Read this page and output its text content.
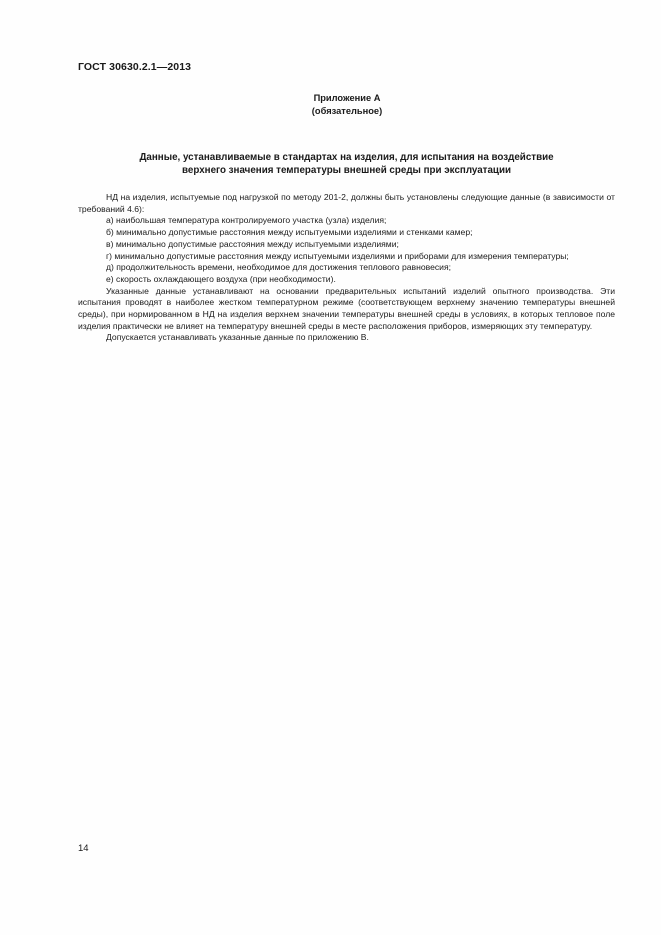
ГОСТ 30630.2.1—2013
Приложение А
(обязательное)
Данные, устанавливаемые в стандартах на изделия, для испытания на воздействие
верхнего значения температуры внешней среды при эксплуатации

НД на изделия, испытуемые под нагрузкой по методу 201-2, должны быть установлены следующие данные (в зависимости от требований 4.6):

а) наибольшая температура контролируемого участка (узла) изделия;

б) минимально допустимые расстояния между испытуемыми изделиями и стенками камер;

в) минимально допустимые расстояния между испытуемыми изделиями;

г) минимально допустимые расстояния между испытуемыми изделиями и приборами для измерения температуры;

д) продолжительность времени, необходимое для достижения теплового равновесия;

е) скорость охлаждающего воздуха (при необходимости).

Указанные данные устанавливают на основании предварительных испытаний изделий опытного производства. Эти испытания проводят в наиболее жестком температурном режиме (соответствующем верхнему значению температуры внешней среды), при нормированном в НД на изделия верхнем значении температуры внешней среды в условиях, в которых тепловое поле изделия практически не влияет на температуру внешней среды в месте расположения приборов, измеряющих эту температуру.

Допускается устанавливать указанные данные по приложению В.

14
